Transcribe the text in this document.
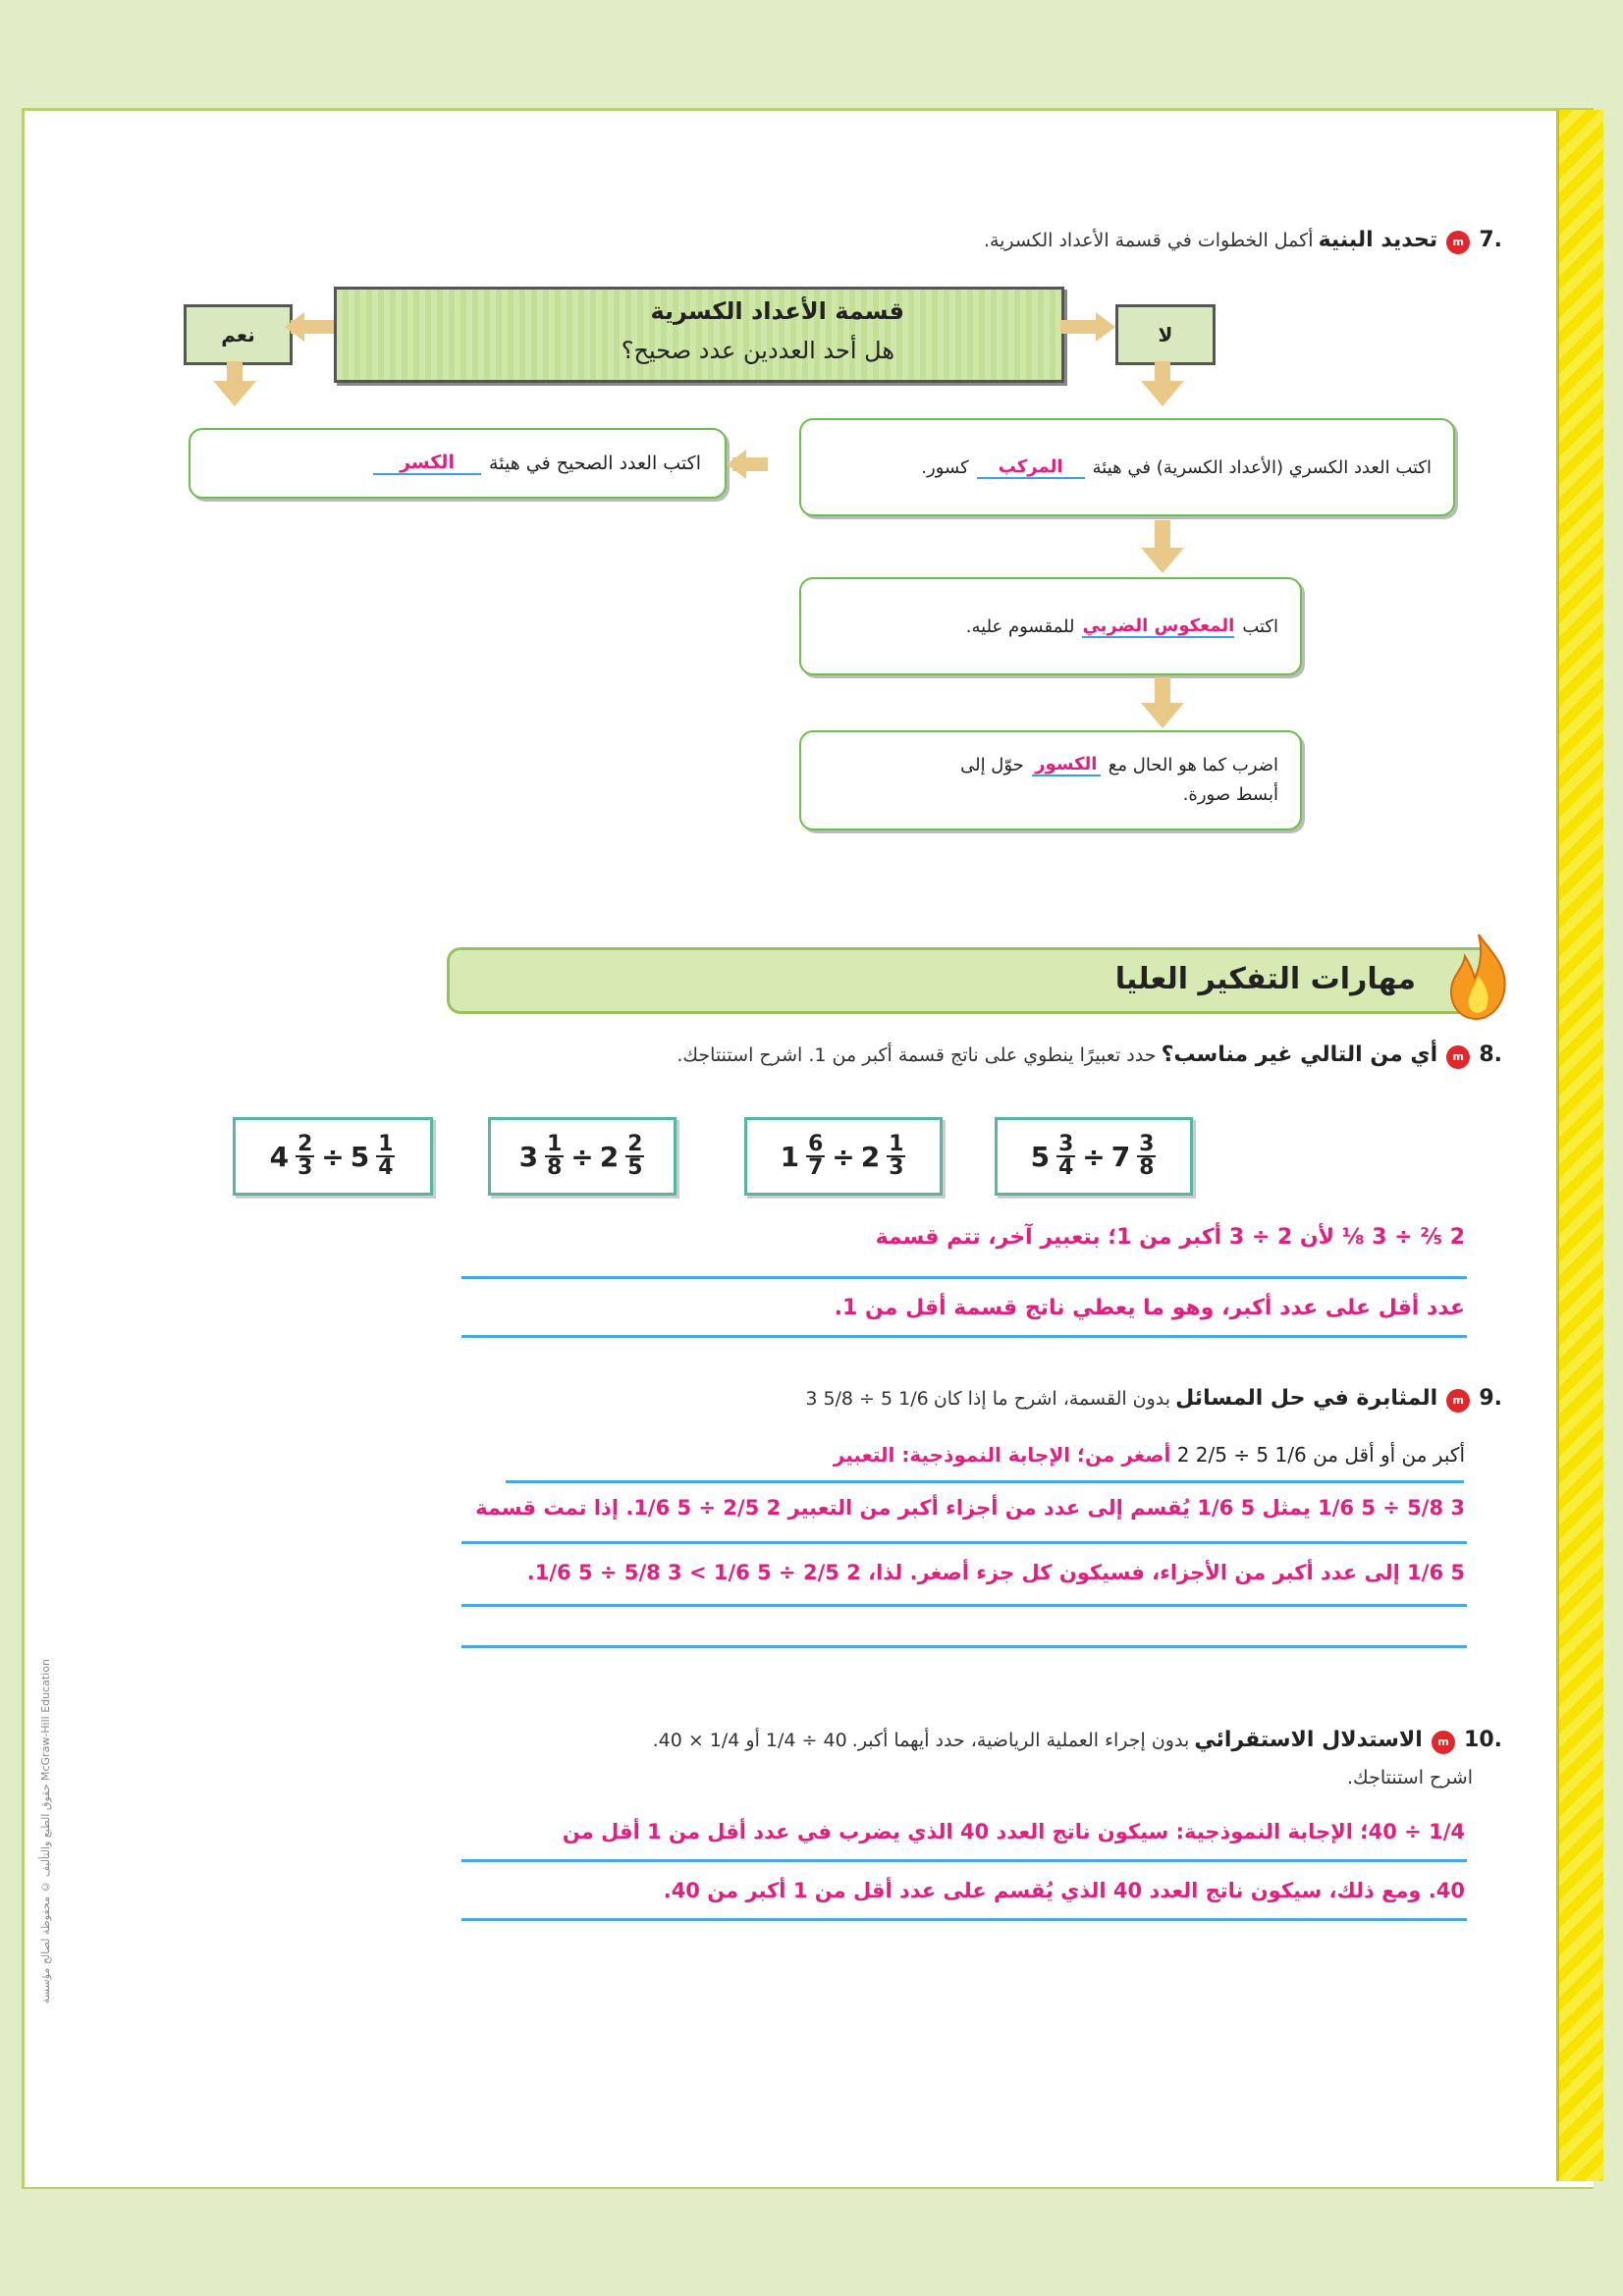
.7 m تحديد البنية أكمل الخطوات في قسمة الأعداد الكسرية.
قسمة الأعداد الكسرية
هل أحد العددين عدد صحيح؟
نعم	لا
اكتب العدد الصحيح في هيئة
الكسر	اكتب العدد الكسري (الأعداد الكسرية) في هيئة
المركب
كسور.
اكتب
المعكوس الضربي
للمقسوم عليه.
اضرب كما هو الحال مع
الكسور
حوّل إلى
أبسط صورة.
مهارات التفكير العليا
.8 m أي من التالي غير مناسب؟ حدد تعبيرًا ينطوي على ناتج قسمة أكبر من 1. اشرح استنتاجك.
$4 \frac{2}{3} \div 5 \frac{1}{4}$	$3 \frac{1}{8} \div 2 \frac{2}{5}$	$1 \frac{6}{7} \div 2 \frac{1}{3}$	$5 \frac{3}{4} \div 7 \frac{3}{8}$
2 ⅖ ÷ 3 ⅛ لأن 2 ÷ 3 أكبر من 1؛ بتعبير آخر، تتم قسمة
عدد أقل على عدد أكبر، وهو ما يعطي ناتج قسمة أقل من 1.
.9 m المثابرة في حل المسائل بدون القسمة، اشرح ما إذا كان 3 5/8 ÷ 5 1/6
أكبر من أو أقل من 2 2/5 ÷ 5 1/6 أصغر من؛ الإجابة النموذجية: التعبير
3 5/8 ÷ 5 1/6 يمثل 5 1/6 يُقسم إلى عدد من أجزاء أكبر من التعبير 2 2/5 ÷ 5 1/6. إذا تمت قسمة
5 1/6 إلى عدد أكبر من الأجزاء، فسيكون كل جزء أصغر. لذا، 2 2/5 ÷ 5 1/6 > 3 5/8 ÷ 5 1/6.
.10 m الاستدلال الاستقرائي بدون إجراء العملية الرياضية، حدد أيهما أكبر. 40 ÷ 1/4 أو 1/4 × 40.
اشرح استنتاجك.
1/4 ÷ 40؛ الإجابة النموذجية: سيكون ناتج العدد 40 الذي يضرب في عدد أقل من 1 أقل من
40. ومع ذلك، سيكون ناتج العدد 40 الذي يُقسم على عدد أقل من 1 أكبر من 40.
حقوق الطبع والتأليف © محفوظة لصالح مؤسسة McGraw-Hill Education
